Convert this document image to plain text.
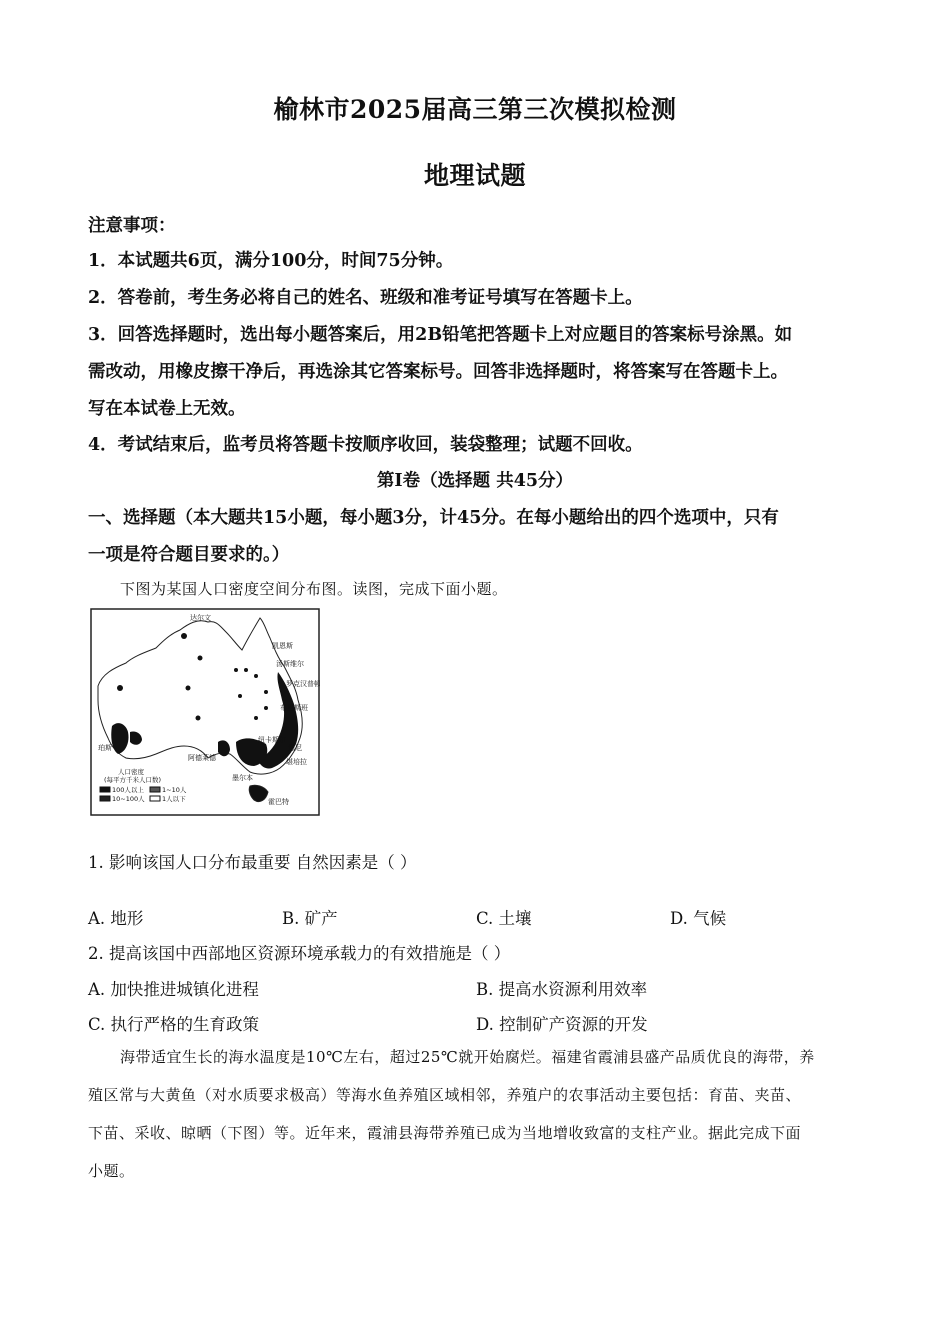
榆林市2025届高三第三次模拟检测
地理试题
注意事项：
1．本试题共6页，满分100分，时间75分钟。
2．答卷前，考生务必将自己的姓名、班级和准考证号填写在答题卡上。
3．回答选择题时，选出每小题答案后，用2B铅笔把答题卡上对应题目的答案标号涂黑。如
需改动，用橡皮擦干净后，再选涂其它答案标号。回答非选择题时，将答案写在答题卡上。
写在本试卷上无效。
4．考试结束后，监考员将答题卡按顺序收回，装袋整理；试题不回收。
第Ⅰ卷（选择题 共45分）
一、选择题（本大题共15小题，每小题3分，计45分。在每小题给出的四个选项中，只有
一项是符合题目要求的。）
下图为某国人口密度空间分布图。读图，完成下面小题。
达尔文
凯恩斯
汤斯维尔
罗克汉普顿
布里斯班
纽卡斯尔
悉尼
堪培拉
阿德莱德
墨尔本
珀斯
霍巴特
人口密度
(每平方千米人口数)
100人以上	1~10人
10~100人	1人以下
1. 影响该国人口分布最重要 自然因素是（ ）
A. 地形	B. 矿产	C. 土壤	D. 气候
2. 提高该国中西部地区资源环境承载力的有效措施是（ ）
A. 加快推进城镇化进程	B. 提高水资源利用效率
C. 执行严格的生育政策	D. 控制矿产资源的开发
海带适宜生长的海水温度是10℃左右，超过25℃就开始腐烂。福建省霞浦县盛产品质优良的海带，养
殖区常与大黄鱼（对水质要求极高）等海水鱼养殖区域相邻，养殖户的农事活动主要包括：育苗、夹苗、
下苗、采收、晾晒（下图）等。近年来，霞浦县海带养殖已成为当地增收致富的支柱产业。据此完成下面
小题。
